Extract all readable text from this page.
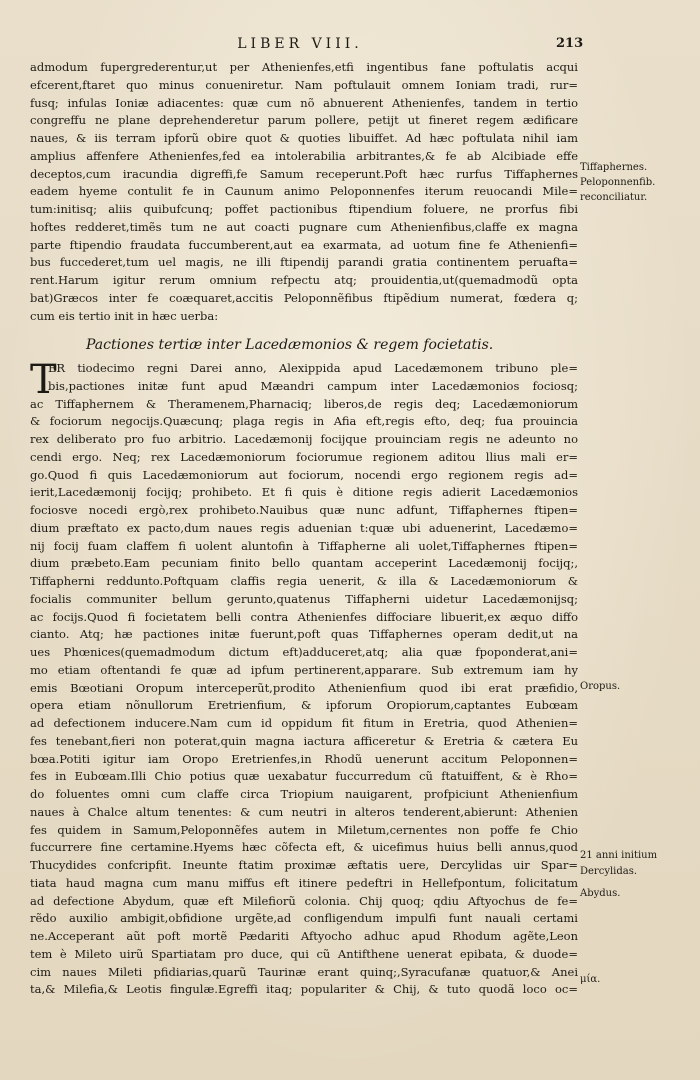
LIBER VIII.	213
admodum fupergrederentur,ut per Athenienfes,etfi ingentibus fane poftulatis acqui
efcerent,ftaret quo minus conueniretur. Nam poftulauit omnem Ioniam tradi, rur=
fusq; infulas Ioniæ adiacentes: quæ cum nõ abnuerent Athenienfes, tandem in tertio
congreffu ne plane deprehenderetur parum pollere, petijt ut fineret regem ædificare
naues, & iis terram ipforũ obire quot & quoties libuiffet. Ad hæc poftulata nihil iam
amplius affenfere Athenienfes,fed ea intolerabilia arbitrantes,& fe ab Alcibiade effe
deceptos,cum iracundia digreffi,fe Samum receperunt.Poft hæc rurfus Tiffaphernes
eadem hyeme contulit fe in Caunum animo Peloponnenfes iterum reuocandi Mile=
tum:initisq; aliis quibufcunq; poffet pactionibus ftipendium foluere, ne prorfus fibi
hoftes redderet,timẽs tum ne aut coacti pugnare cum Athenienfibus,claffe ex magna
parte ftipendio fraudata fuccumberent,aut ea exarmata, ad uotum fine fe Athenienfi=
bus fuccederet,tum uel magis, ne illi ftipendij parandi gratia continentem peruafta=
rent.Harum igitur rerum omnium refpectu atq; prouidentia,ut(quemadmodũ opta
bat)Græcos inter fe coæquaret,accitis Peloponnẽfibus ftipẽdium numerat, fœdera q;
cum eis tertio init in hæc uerba:
Pactiones tertiæ inter Lacedæmonios & regem focietatis.
T
ER tiodecimo regni Darei anno, Alexippida apud Lacedæmonem tribuno ple=
bis,pactiones initæ funt apud Mæandri campum inter Lacedæmonios fociosq;
ac Tiffaphernem & Theramenem,Pharnaciq; liberos,de regis deq; Lacedæmoniorum
& fociorum negocijs.Quæcunq; plaga regis in Afia eft,regis efto, deq; fua prouincia
rex deliberato pro fuo arbitrio. Lacedæmonij focijque prouinciam regis ne adeunto no
cendi ergo. Neq; rex Lacedæmoniorum fociorumue regionem aditou llius mali er=
go.Quod fi quis Lacedæmoniorum aut fociorum, nocendi ergo regionem regis ad=
ierit,Lacedæmonij focijq; prohibeto. Et fi quis è ditione regis adierit Lacedæmonios
fociosve nocedi ergò,rex prohibeto.Nauibus quæ nunc adfunt, Tiffaphernes ftipen=
dium præftato ex pacto,dum naues regis aduenian t:quæ ubi aduenerint, Lacedæmo=
nij focij fuam claffem fi uolent aluntofin à Tiffapherne ali uolet,Tiffaphernes ftipen=
dium præbeto.Eam pecuniam finito bello quantam acceperint Lacedæmonij focijq;,
Tiffapherni reddunto.Poftquam claffis regia uenerit, & illa & Lacedæmoniorum &
focialis communiter bellum gerunto,quatenus Tiffapherni uidetur Lacedæmonijsq;
ac focijs.Quod fi focietatem belli contra Athenienfes diffociare libuerit,ex æquo diffo
cianto. Atq; hæ pactiones initæ fuerunt,poft quas Tiffaphernes operam dedit,ut na
ues Phœnices(quemadmodum dictum eft)adduceret,atq; alia quæ fpoponderat,ani=
mo etiam oftentandi fe quæ ad ipfum pertinerent,apparare. Sub extremum iam hy
emis Bœotiani Oropum interceperũt,prodito Athenienfium quod ibi erat præfidio,
opera etiam nõnullorum Eretrienfium, & ipforum Oropiorum,captantes Eubœam
ad defectionem inducere.Nam cum id oppidum fit fitum in Eretria, quod Athenien=
fes tenebant,fieri non poterat,quin magna iactura afficeretur & Eretria & cætera Eu
bœa.Potiti igitur iam Oropo Eretrienfes,in Rhodũ uenerunt accitum Peloponnen=
fes in Eubœam.Illi Chio potius quæ uexabatur fuccurredum cũ ftatuiffent, & è Rho=
do foluentes omni cum claffe circa Triopium nauigarent, profpiciunt Athenienfium
naues à Chalce altum tenentes: & cum neutri in alteros tenderent,abierunt: Athenien
fes quidem in Samum,Peloponnẽfes autem in Miletum,cernentes non poffe fe Chio
fuccurrere fine certamine.Hyems hæc cõfecta eft, & uicefimus huius belli annus,quod
Thucydides confcripfit. Ineunte ftatim proximæ æftatis uere, Dercylidas uir Spar=
tiata haud magna cum manu miffus eft itinere pedeftri in Hellefpontum, folicitatum
ad defectione Abydum, quæ eft Milefiorũ colonia. Chij quoq; qdiu Aftyochus de fe=
rẽdo auxilio ambigit,obfidione urgẽte,ad confligendum impulfi funt nauali certami
ne.Acceperant aũt poft mortẽ Pædariti Aftyocho adhuc apud Rhodum agẽte,Leon
tem è Mileto uirũ Spartiatam pro duce, qui cũ Antifthene uenerat epibata, & duode=
cim naues Mileti pfidiarias,quarũ Taurinæ erant quinq;,Syracufanæ quatuor,& Anei
ta,& Milefia,& Leotis fingulæ.Egreffi itaq; populariter & Chij, & tuto quodã loco oc=
Tiffaphernes.
Peloponnenfib.
reconciliatur.
Oropus.
21 anni initium
Dercylidas.
Abydus.
μία.
